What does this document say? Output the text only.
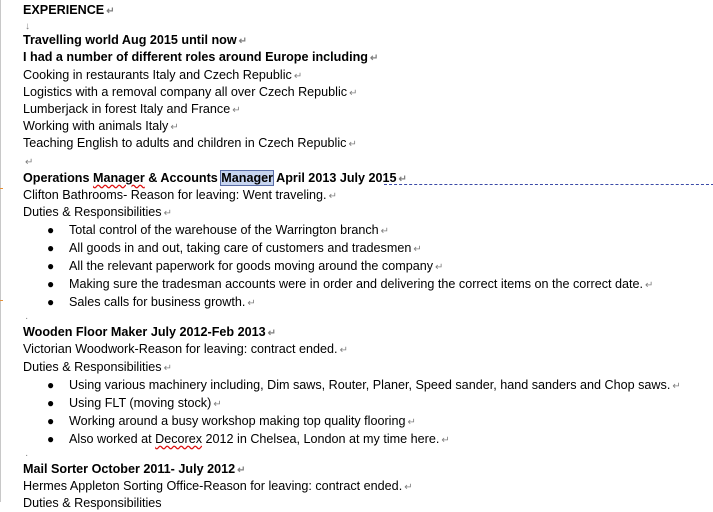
EXPERIENCE ↵
↓
Travelling world Aug 2015 until now ↵
I had a number of different roles around Europe including ↵
Cooking in restaurants Italy and Czech Republic ↵
Logistics with a removal company all over Czech Republic ↵
Lumberjack in forest Italy and France ↵
Working with animals Italy ↵
Teaching English to adults and children in Czech Republic ↵
↵
Operations Manager & Accounts Manager April 2013 July 2015 ↵
Clifton Bathrooms- Reason for leaving: Went traveling. ↵
Duties & Responsibilities ↵
● Total control of the warehouse of the Warrington branch ↵
● All goods in and out, taking care of customers and tradesmen ↵
● All the relevant paperwork for goods moving around the company ↵
● Making sure the tradesman accounts were in order and delivering the correct items on the correct date. ↵
● Sales calls for business growth. ↵
·
Wooden Floor Maker July 2012-Feb 2013 ↵
Victorian Woodwork-Reason for leaving: contract ended. ↵
Duties & Responsibilities ↵
● Using various machinery including, Dim saws, Router, Planer, Speed sander, hand sanders and Chop saws. ↵
● Using FLT (moving stock) ↵
● Working around a busy workshop making top quality flooring ↵
● Also worked at Decorex 2012 in Chelsea, London at my time here. ↵
·
Mail Sorter October 2011- July 2012 ↵
Hermes Appleton Sorting Office-Reason for leaving: contract ended. ↵
Duties & Responsibilities
